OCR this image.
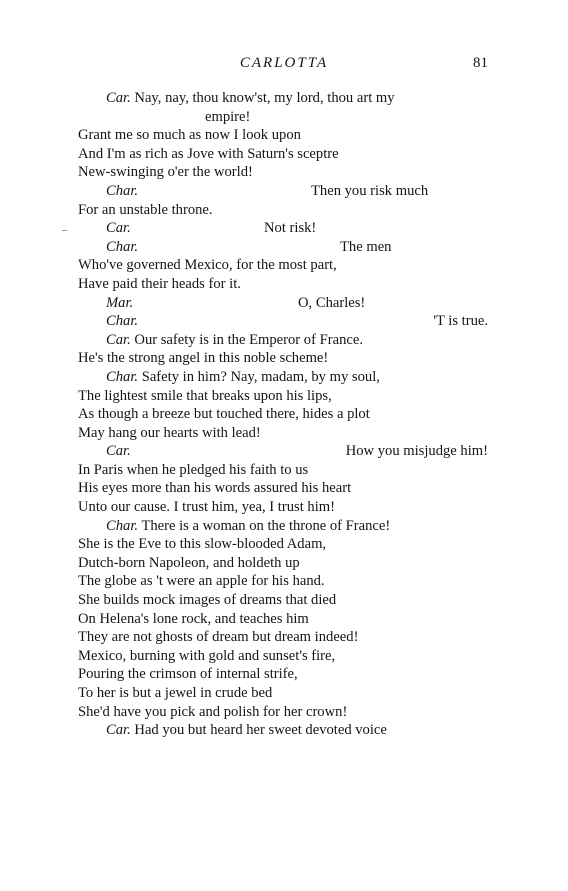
CARLOTTA	81
Car. Nay, nay, thou know'st, my lord, thou art my
empire!
Grant me so much as now I look upon
And I'm as rich as Jove with Saturn's sceptre
New-swinging o'er the world!
Char.	Then you risk much
For an unstable throne.
Car.	Not risk!
Char.	The men
Who've governed Mexico, for the most part,
Have paid their heads for it.
Mar.	O, Charles!
Char.	'T is true.
Car. Our safety is in the Emperor of France.
He's the strong angel in this noble scheme!
Char. Safety in him? Nay, madam, by my soul,
The lightest smile that breaks upon his lips,
As though a breeze but touched there, hides a plot
May hang our hearts with lead!
Car.	How you misjudge him!
In Paris when he pledged his faith to us
His eyes more than his words assured his heart
Unto our cause. I trust him, yea, I trust him!
Char. There is a woman on the throne of France!
She is the Eve to this slow-blooded Adam,
Dutch-born Napoleon, and holdeth up
The globe as 't were an apple for his hand.
She builds mock images of dreams that died
On Helena's lone rock, and teaches him
They are not ghosts of dream but dream indeed!
Mexico, burning with gold and sunset's fire,
Pouring the crimson of internal strife,
To her is but a jewel in crude bed
She'd have you pick and polish for her crown!
Car. Had you but heard her sweet devoted voice
